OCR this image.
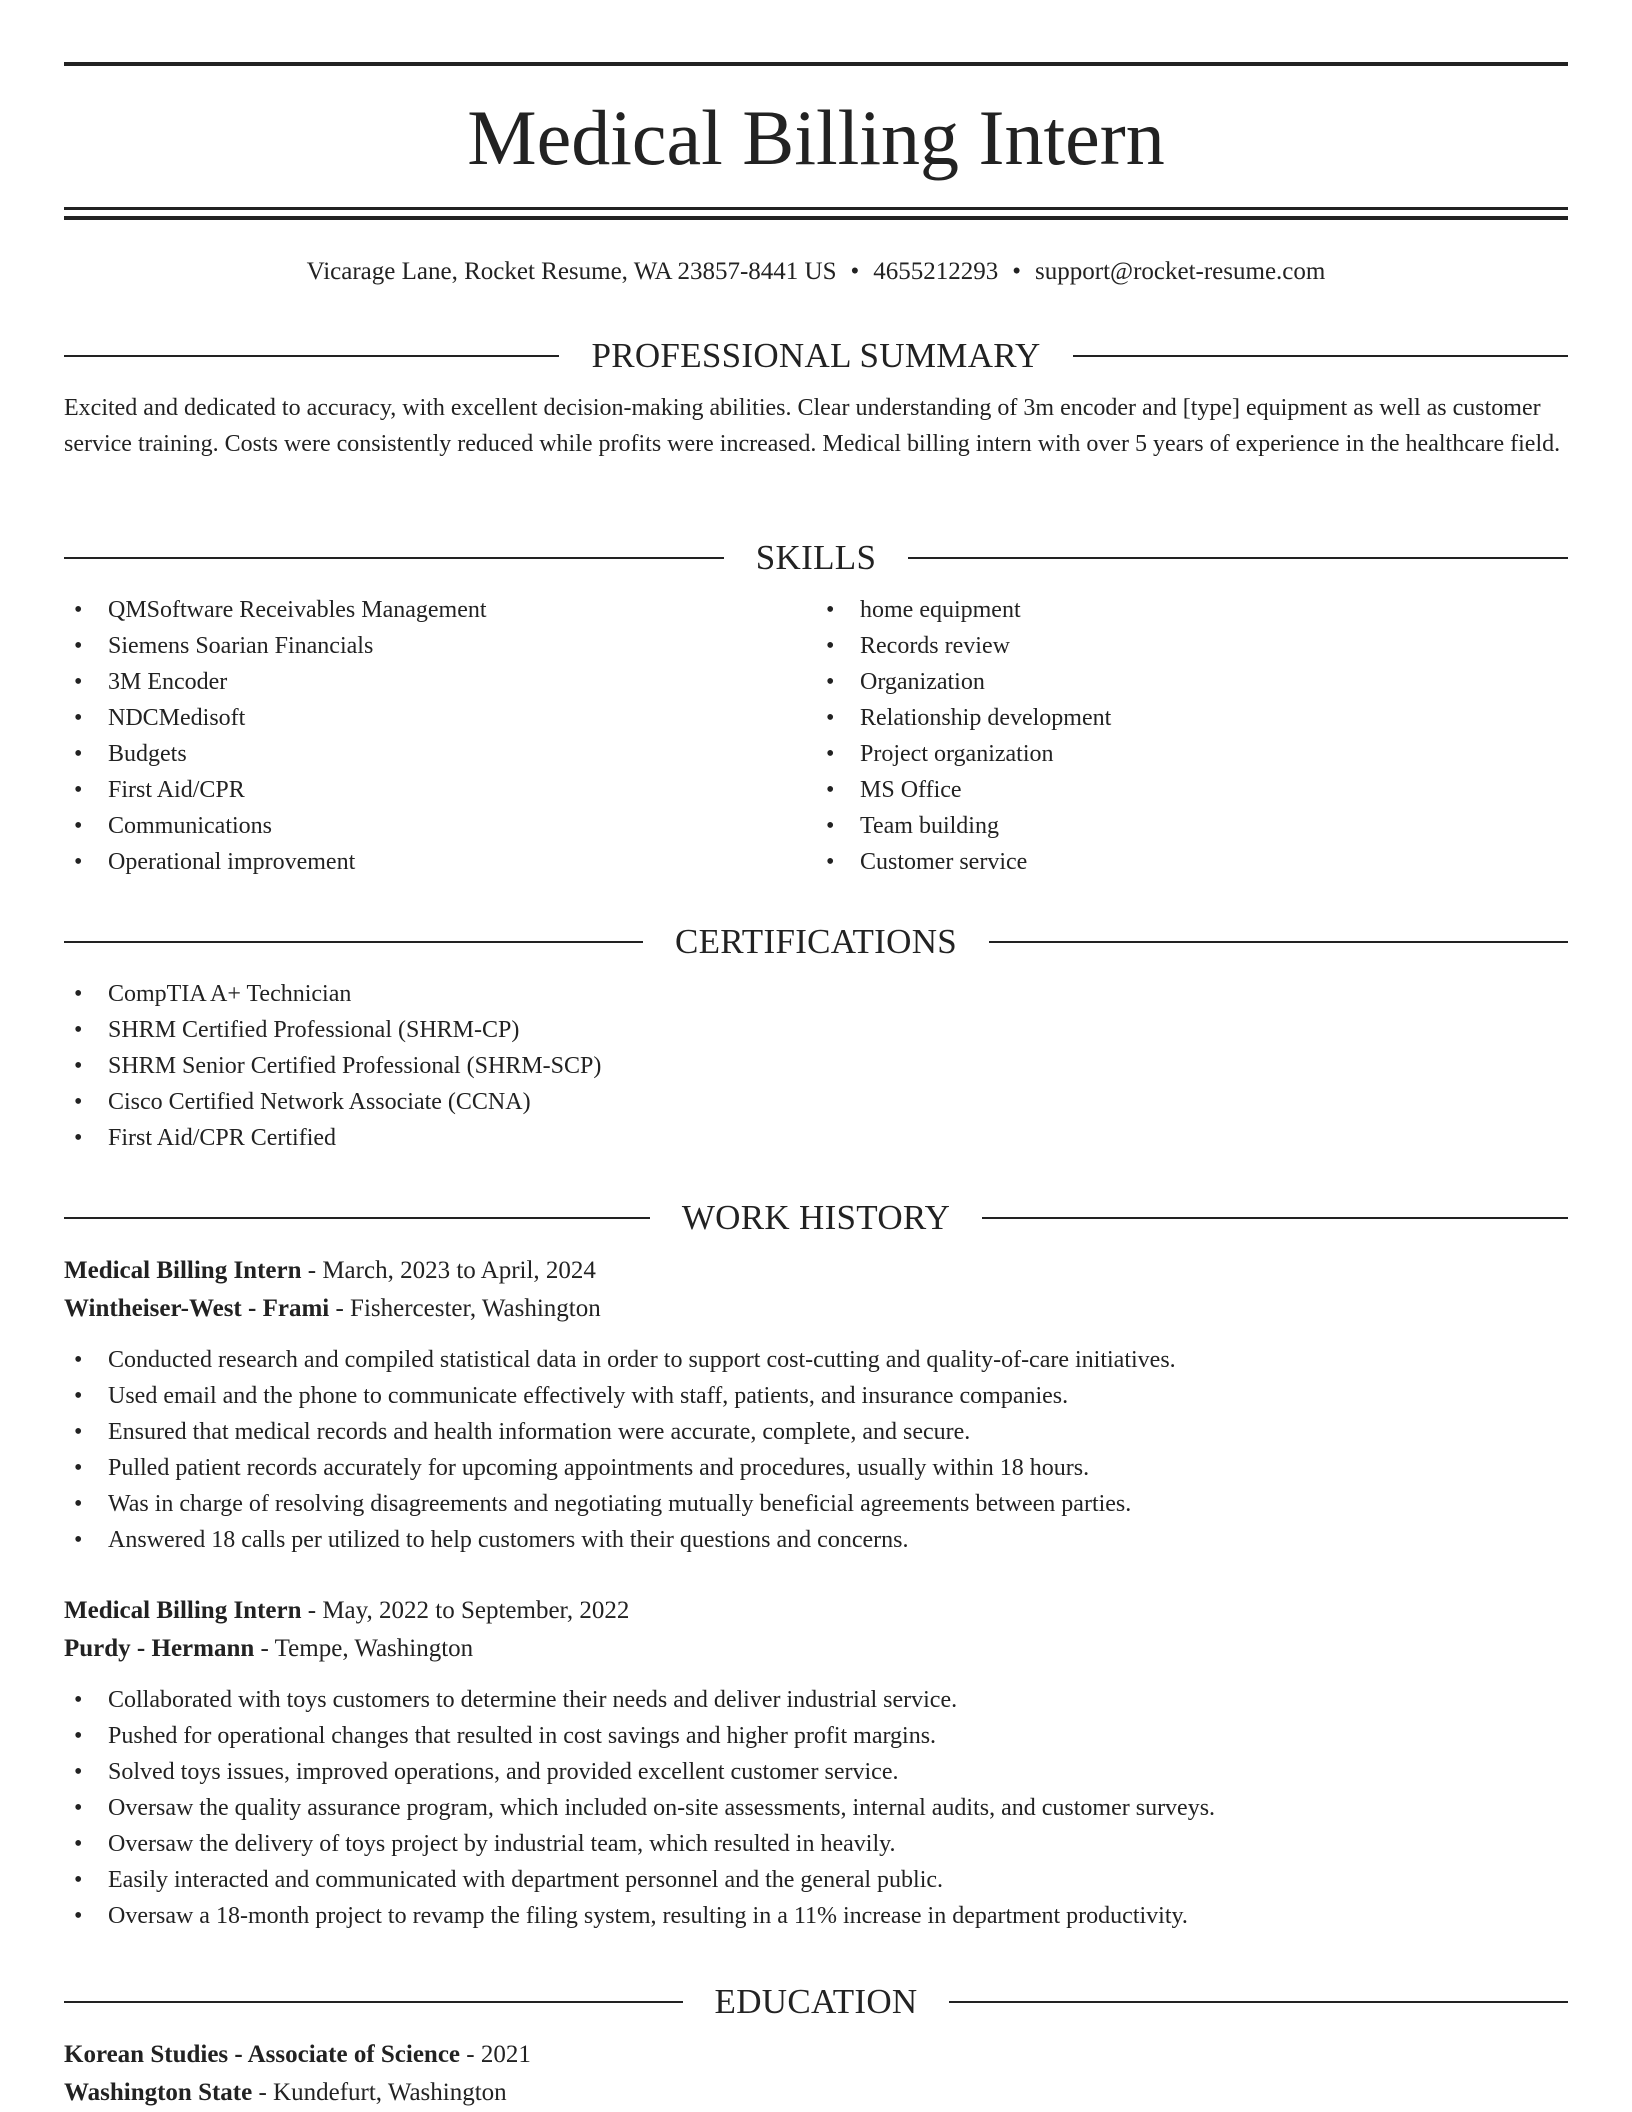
Medical Billing Intern
Vicarage Lane, Rocket Resume, WA 23857-8441 US • 4655212293 • support@rocket-resume.com
PROFESSIONAL SUMMARY

Excited and dedicated to accuracy, with excellent decision-making abilities. Clear understanding of 3m encoder and [type] equipment as well as customer service training. Costs were consistently reduced while profits were increased. Medical billing intern with over 5 years of experience in the healthcare field.

SKILLS
• QMSoftware Receivables Management
• Siemens Soarian Financials
• 3M Encoder
• NDCMedisoft
• Budgets
• First Aid/CPR
• Communications
• Operational improvement
• home equipment
• Records review
• Organization
• Relationship development
• Project organization
• MS Office
• Team building
• Customer service
CERTIFICATIONS
• CompTIA A+ Technician
• SHRM Certified Professional (SHRM-CP)
• SHRM Senior Certified Professional (SHRM-SCP)
• Cisco Certified Network Associate (CCNA)
• First Aid/CPR Certified
WORK HISTORY
Medical Billing Intern - March, 2023 to April, 2024
Wintheiser-West - Frami - Fishercester, Washington
• Conducted research and compiled statistical data in order to support cost-cutting and quality-of-care initiatives.
• Used email and the phone to communicate effectively with staff, patients, and insurance companies.
• Ensured that medical records and health information were accurate, complete, and secure.
• Pulled patient records accurately for upcoming appointments and procedures, usually within 18 hours.
• Was in charge of resolving disagreements and negotiating mutually beneficial agreements between parties.
• Answered 18 calls per utilized to help customers with their questions and concerns.
Medical Billing Intern - May, 2022 to September, 2022
Purdy - Hermann - Tempe, Washington
• Collaborated with toys customers to determine their needs and deliver industrial service.
• Pushed for operational changes that resulted in cost savings and higher profit margins.
• Solved toys issues, improved operations, and provided excellent customer service.
• Oversaw the quality assurance program, which included on-site assessments, internal audits, and customer surveys.
• Oversaw the delivery of toys project by industrial team, which resulted in heavily.
• Easily interacted and communicated with department personnel and the general public.
• Oversaw a 18-month project to revamp the filing system, resulting in a 11% increase in department productivity.
EDUCATION
Korean Studies - Associate of Science - 2021
Washington State - Kundefurt, Washington
